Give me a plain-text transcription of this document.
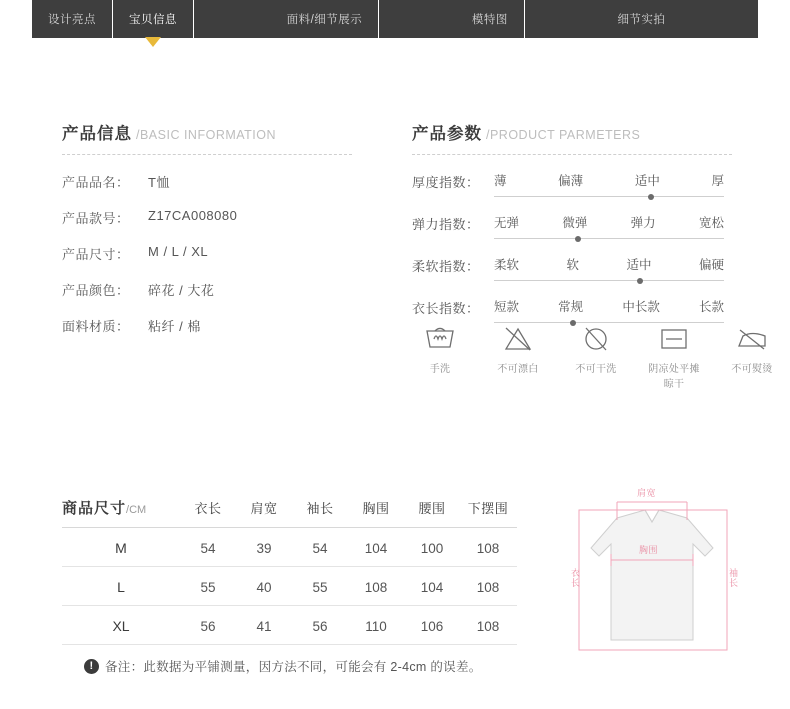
设计亮点	宝贝信息	面料/细节展示	模特图	细节实拍
产品信息 /BASIC INFORMATION
产品品名：	T恤
产品款号：	Z17CA008080
产品尺寸：	M / L / XL
产品颜色：	碎花 / 大花
面料材质：	粘纤 / 棉
产品参数 /PRODUCT PARMETERS
厚度指数：	薄	偏薄	适中	厚
弹力指数：	无弹	微弹	弹力	宽松
柔软指数：	柔软	软	适中	偏硬
衣长指数：	短款	常规	中长款	长款
手洗	不可漂白	不可干洗	阴凉处平摊晾干
不可熨烫
商品尺寸/CM	衣长	肩宽	袖长	胸围	腰围	下摆围
M	54	39	54	104	100	108
L	55	40	55	108	104	108
XL	56	41	56	110	106	108
! 备注：此数据为平铺测量，因方法不同，可能会有 2-4cm 的误差。
肩宽
胸围
衣长
袖长
